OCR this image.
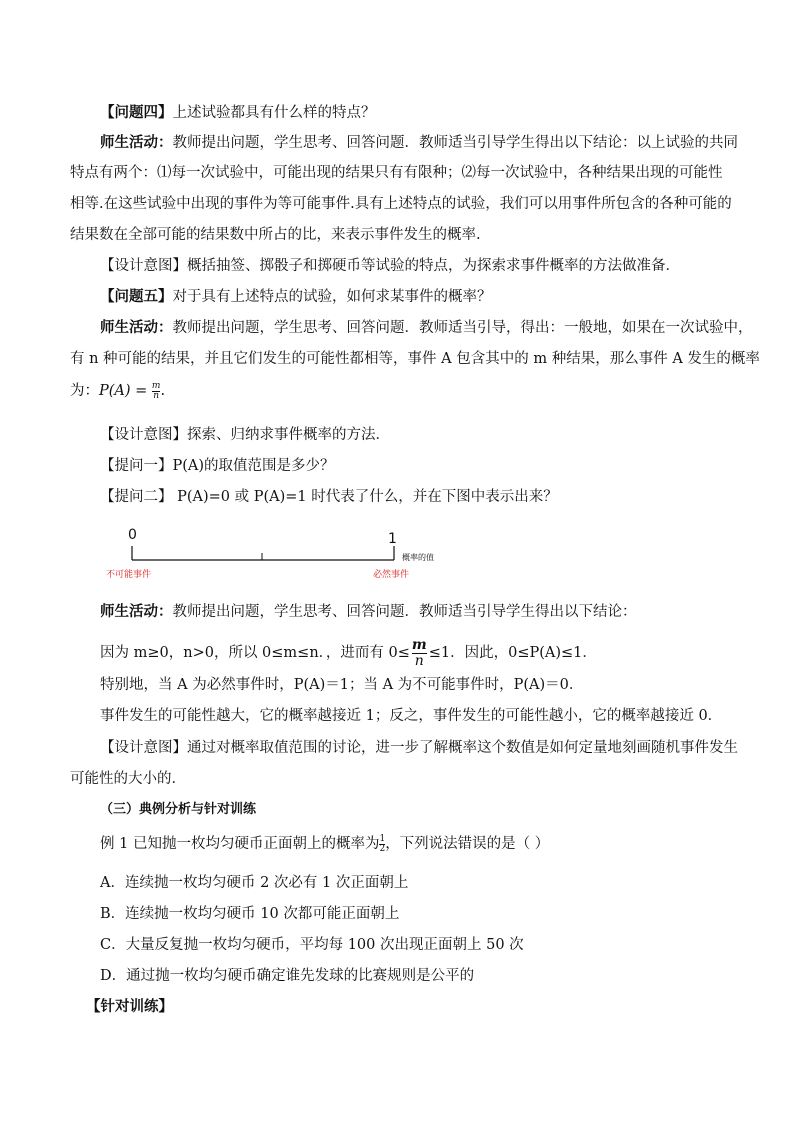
【问题四】上述试验都具有什么样的特点？
师生活动：教师提出问题，学生思考、回答问题．教师适当引导学生得出以下结论：以上试验的共同
特点有两个：⑴每一次试验中，可能出现的结果只有有限种；⑵每一次试验中，各种结果出现的可能性
相等.在这些试验中出现的事件为等可能事件.具有上述特点的试验，我们可以用事件所包含的各种可能的
结果数在全部可能的结果数中所占的比，来表示事件发生的概率.
【设计意图】概括抽签、掷骰子和掷硬币等试验的特点，为探索求事件概率的方法做准备．
【问题五】对于具有上述特点的试验，如何求某事件的概率？
师生活动：教师提出问题，学生思考、回答问题．教师适当引导，得出：一般地，如果在一次试验中，
有 n 种可能的结果，并且它们发生的可能性都相等，事件 A 包含其中的 m 种结果，那么事件 A 发生的概率
为：$P(A) = \frac{m}{n}$ .
【设计意图】探索、归纳求事件概率的方法．
【提问一】P(A)的取值范围是多少？
【提问二】 P(A)=0 或 P(A)=1 时代表了什么，并在下图中表示出来？
0	1
概率的值
不可能事件	必然事件
师生活动：教师提出问题，学生思考、回答问题．教师适当引导学生得出以下结论：
因为 m≥0，n>0，所以 0≤m≤n．，进而有 $0\le \frac{m}{n} \le 1$．因此，0≤P(A)≤1．
特别地，当 A 为必然事件时，P(A)＝1；当 A 为不可能事件时，P(A)＝0．
事件发生的可能性越大，它的概率越接近 1；反之，事件发生的可能性越小，它的概率越接近 0．
【设计意图】通过对概率取值范围的讨论，进一步了解概率这个数值是如何定量地刻画随机事件发生
可能性的大小的．
（三）典例分析与针对训练
例 1 已知抛一枚均匀硬币正面朝上的概率为 $\frac{1}{2}$ ，下列说法错误的是（ ）
A．连续抛一枚均匀硬币 2 次必有 1 次正面朝上
B．连续抛一枚均匀硬币 10 次都可能正面朝上
C．大量反复抛一枚均匀硬币，平均每 100 次出现正面朝上 50 次
D．通过抛一枚均匀硬币确定谁先发球的比赛规则是公平的
【针对训练】
